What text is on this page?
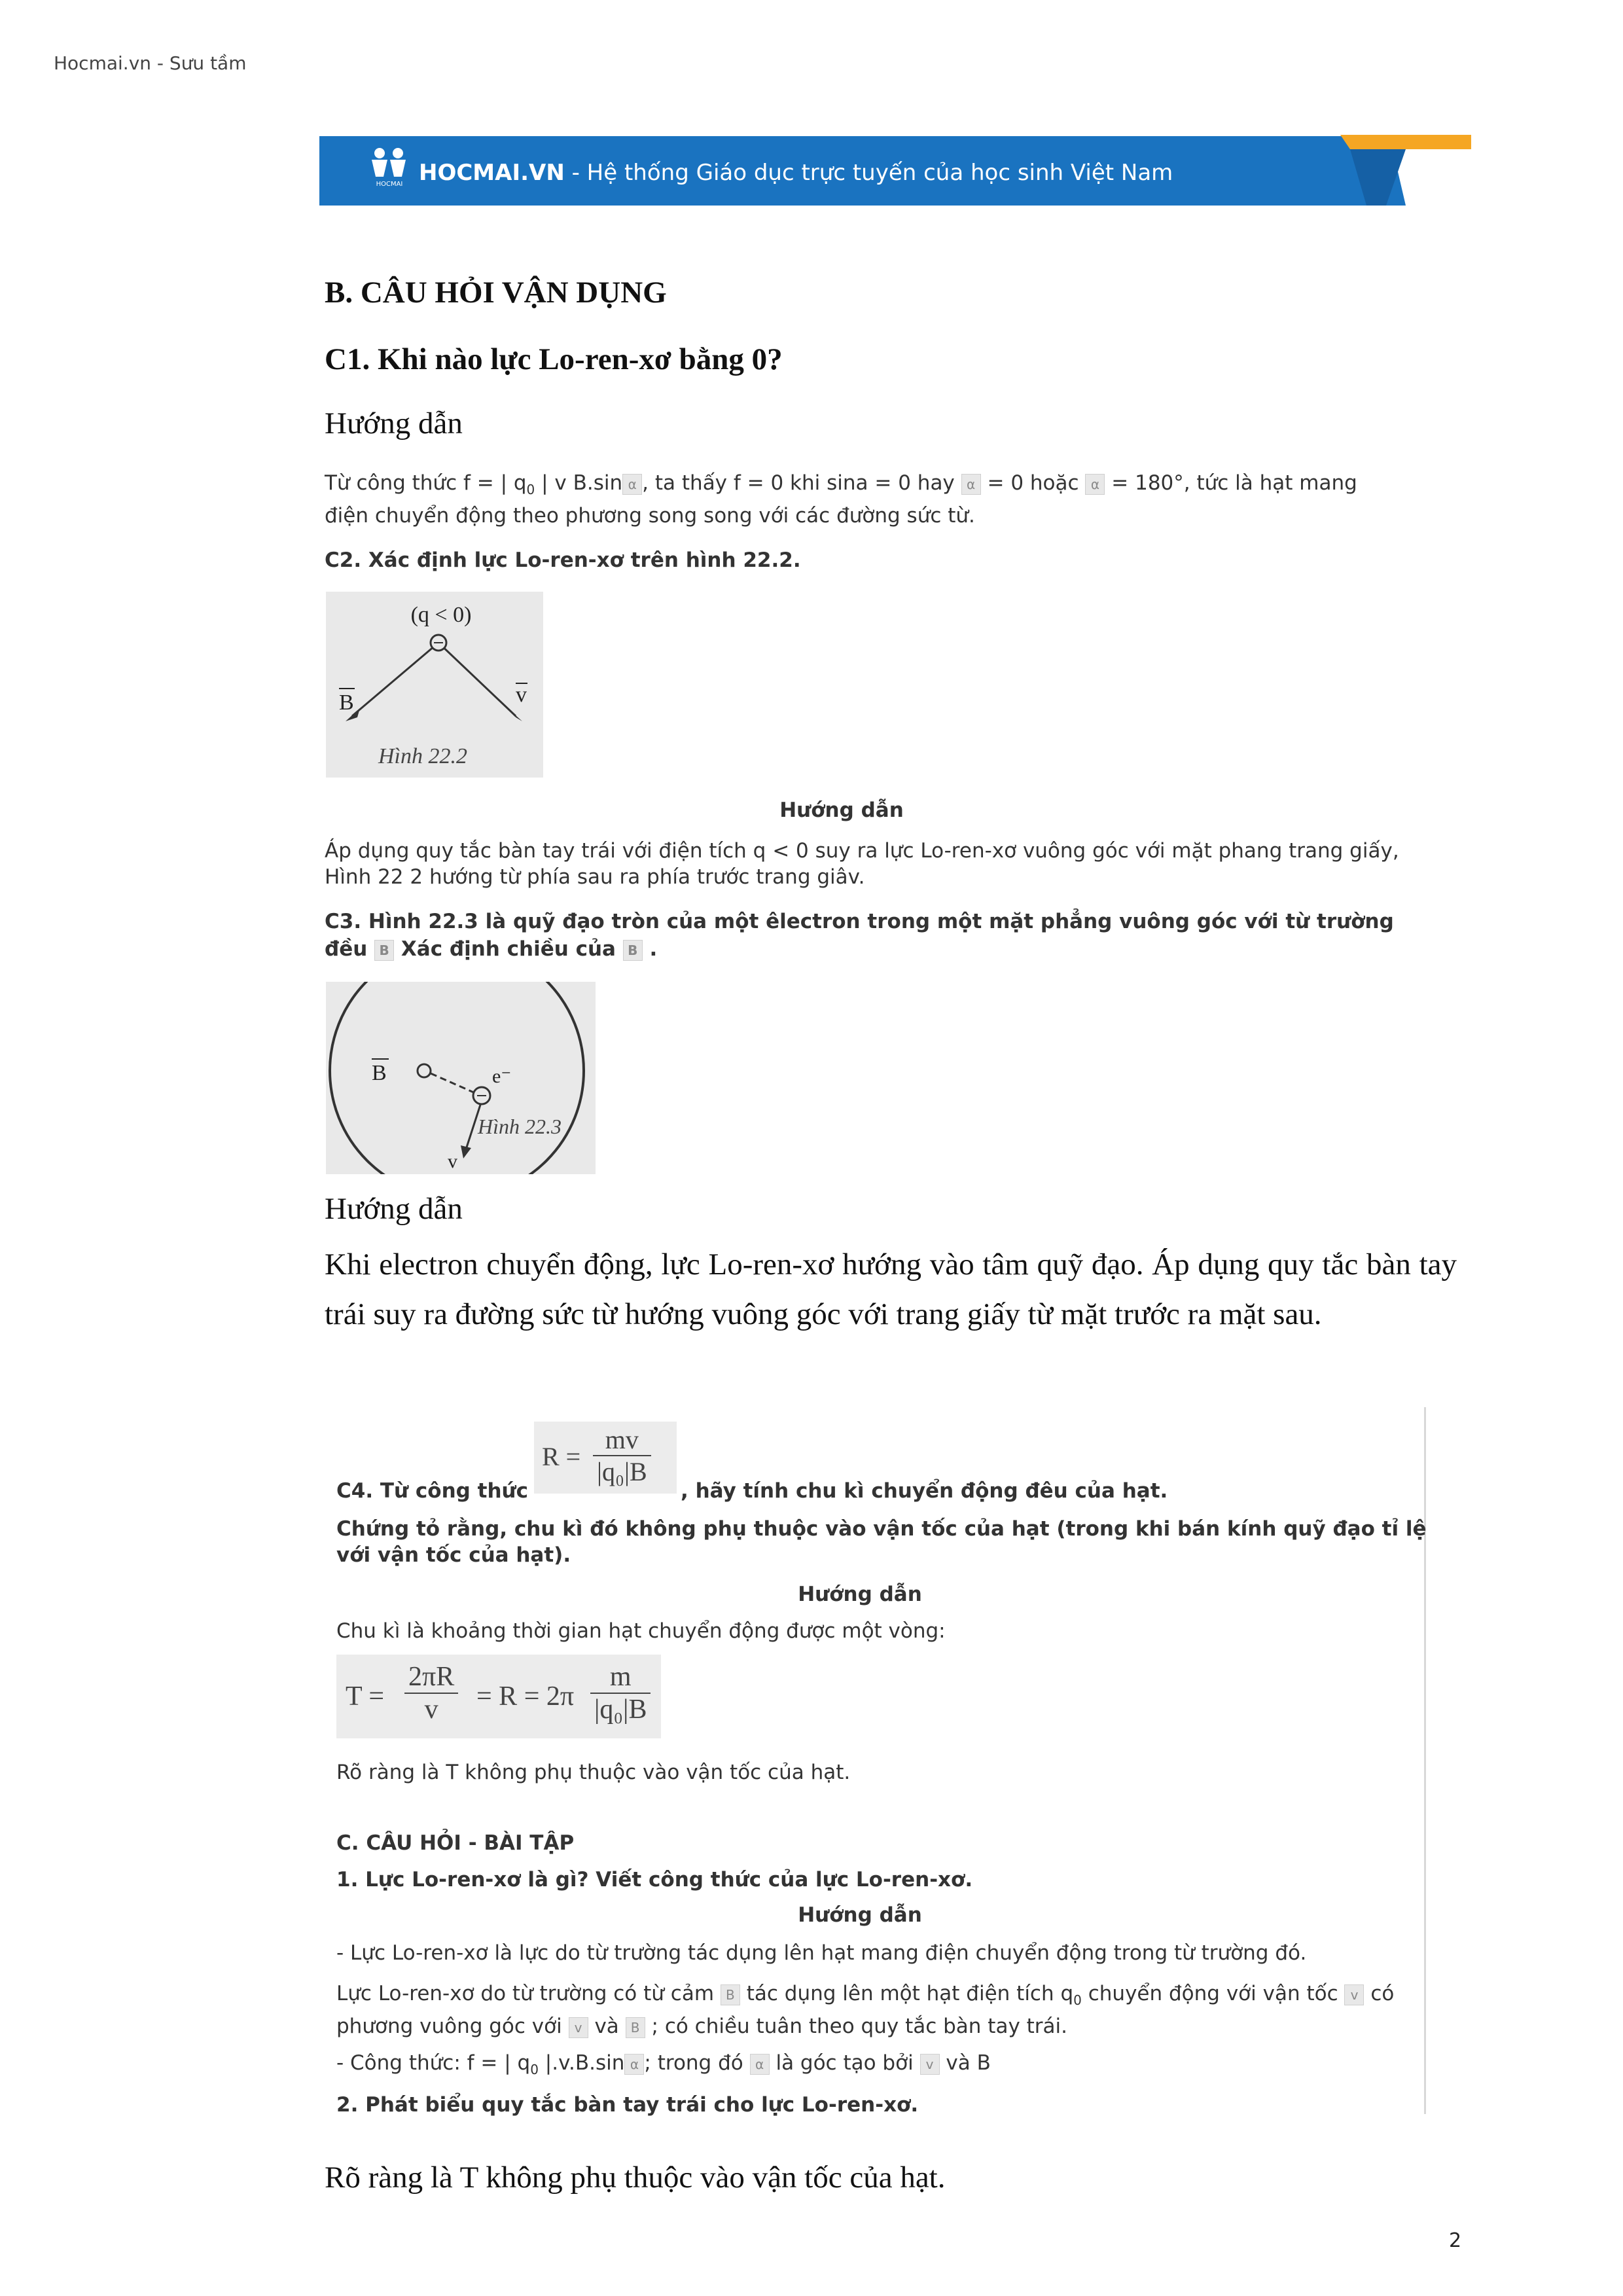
Hocmai.vn - Sưu tầm
HOCMAI HOCMAI.VN - Hệ thống Giáo dục trực tuyến của học sinh Việt Nam
B. CÂU HỎI VẬN DỤNG
C1. Khi nào lực Lo-ren-xơ bằng 0?
Hướng dẫn
Từ công thức f = | $q_0$ | v B.sin α , ta thấy f = 0 khi sina = 0 hay α = 0 hoặc α = 180°, tức là hạt mang
điện chuyển động theo phương song song với các đường sức từ.
C2. Xác định lực Lo-ren-xơ trên hình 22.2.
(q < 0)
B	v
Hình 22.2
Hướng dẫn
Áp dụng quy tắc bàn tay trái với điện tích q < 0 suy ra lực Lo-ren-xơ vuông góc với mặt phang trang giấy,
Hình 22 2 hướng từ phía sau ra phía trước trang giâv.
C3. Hình 22.3 là quỹ đạo tròn của một êlectron trong một mặt phẳng vuông góc với từ trường
đều B Xác định chiều của B .
B	e⁻
v
Hình 22.3
Hướng dẫn
Khi electron chuyển động, lực Lo-ren-xơ hướng vào tâm quỹ đạo. Áp dụng quy tắc bàn tay trái suy ra đường sức từ hướng vuông góc với trang giấy từ mặt trước ra mặt sau.
C4. Từ công thức
$R = \frac{mv}{\text{|q₀|B}}$
, hãy tính chu kì chuyển động đêu của hạt.
Chứng tỏ rằng, chu kì đó không phụ thuộc vào vận tốc của hạt (trong khi bán kính quỹ đạo tỉ lệ
với vận tốc của hạt).
Hướng dẫn
Chu kì là khoảng thời gian hạt chuyển động được một vòng:
$T = \frac{2\pi R}{v} = R = 2\pi \frac{m}{\text{|q₀|B}}$
Rõ ràng là T không phụ thuộc vào vận tốc của hạt.
C. CÂU HỎI - BÀI TẬP
1. Lực Lo-ren-xơ là gì? Viết công thức của lực Lo-ren-xơ.
Hướng dẫn
- Lực Lo-ren-xơ là lực do từ trường tác dụng lên hạt mang điện chuyển động trong từ trường đó.
Lực Lo-ren-xơ do từ trường có từ cảm B tác dụng lên một hạt điện tích $q_0$ chuyển động với vận tốc v có
phương vuông góc với v và B ; có chiều tuân theo quy tắc bàn tay trái.
- Công thức: f = | $q_0$ |.v.B.sin α ; trong đó α là góc tạo bởi v và B
2. Phát biểu quy tắc bàn tay trái cho lực Lo-ren-xơ.
Rõ ràng là T không phụ thuộc vào vận tốc của hạt.
2
